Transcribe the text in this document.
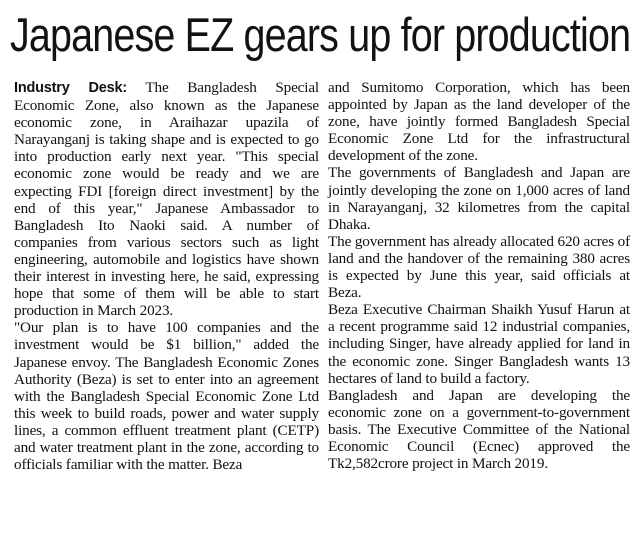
Japanese EZ gears up for production

Industry Desk: The Bangladesh Special Economic Zone, also known as the Japanese economic zone, in Araihazar upazila of Narayanganj is taking shape and is expected to go into production early next year. "This special economic zone would be ready and we are expecting FDI [foreign direct investment] by the end of this year," Japanese Ambassador to Bangladesh Ito Naoki said. A number of companies from various sectors such as light engineering, automobile and logistics have shown their interest in investing here, he said, expressing hope that some of them will be able to start production in March 2023.

"Our plan is to have 100 companies and the investment would be $1 billion," added the Japanese envoy. The Bangladesh Economic Zones Authority (Beza) is set to enter into an agreement with the Bangladesh Special Economic Zone Ltd this week to build roads, power and water supply lines, a common effluent treatment plant (CETP) and water treatment plant in the zone, according to officials familiar with the matter. Beza

and Sumitomo Corporation, which has been appointed by Japan as the land developer of the zone, have jointly formed Bangladesh Special Economic Zone Ltd for the infrastructural development of the zone.

The governments of Bangladesh and Japan are jointly developing the zone on 1,000 acres of land in Narayanganj, 32 kilometres from the capital Dhaka.

The government has already allocated 620 acres of land and the handover of the remaining 380 acres is expected by June this year, said officials at Beza.

Beza Executive Chairman Shaikh Yusuf Harun at a recent programme said 12 industrial companies, including Singer, have already applied for land in the economic zone. Singer Bangladesh wants 13 hectares of land to build a factory.

Bangladesh and Japan are developing the economic zone on a government-to-government basis. The Executive Committee of the National Economic Council (Ecnec) approved the Tk2,582crore project in March 2019.
